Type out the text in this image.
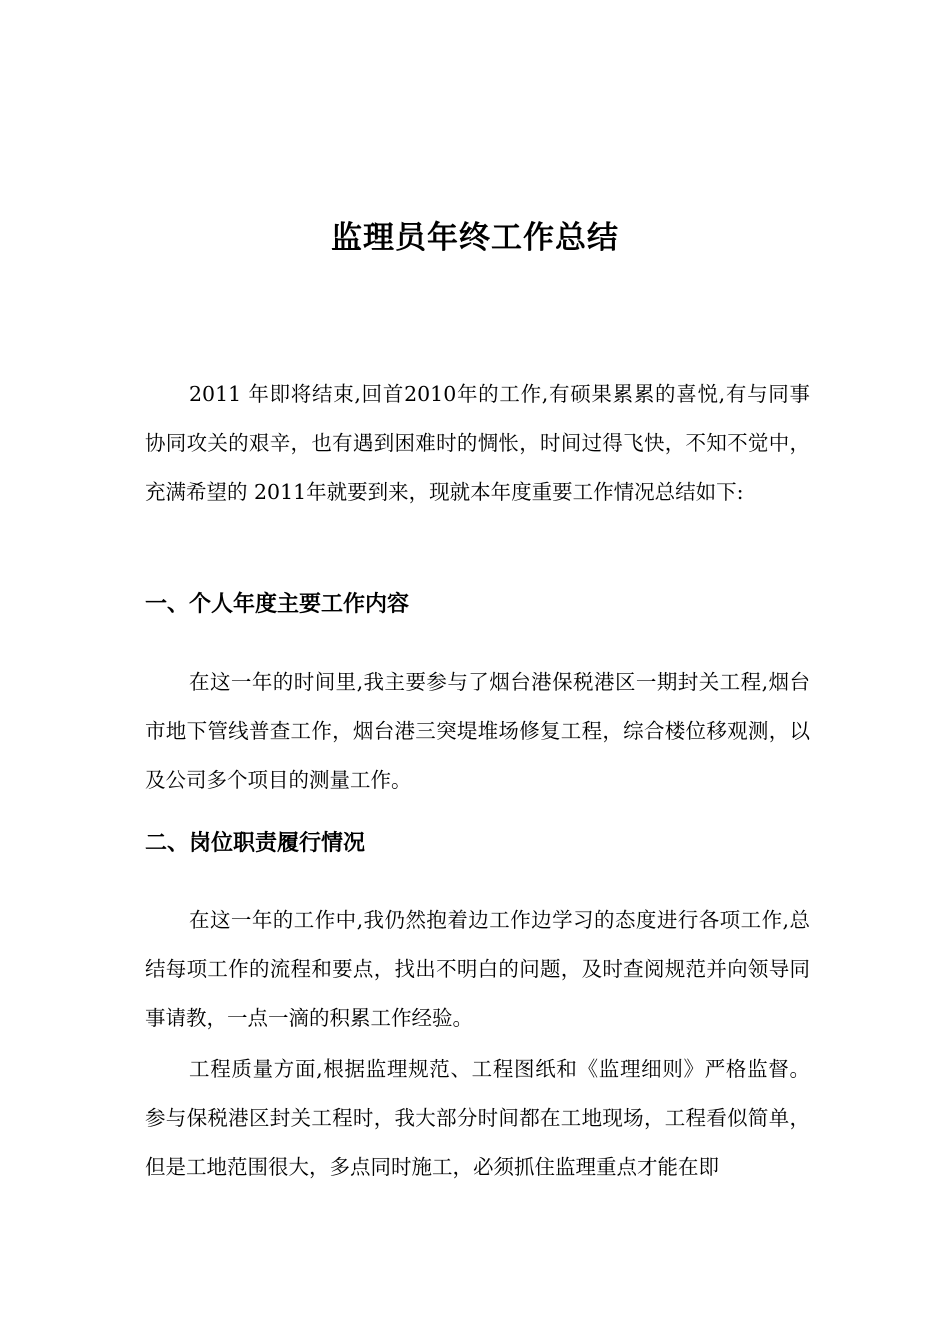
监理员年终工作总结

2011 年即将结束,回首2010年的工作,有硕果累累的喜悦,有与同事协同攻关的艰辛，也有遇到困难时的惆怅，时间过得飞快，不知不觉中，充满希望的 2011年就要到来，现就本年度重要工作情况总结如下:

一、个人年度主要工作内容

在这一年的时间里,我主要参与了烟台港保税港区一期封关工程,烟台市地下管线普查工作，烟台港三突堤堆场修复工程，综合楼位移观测，以及公司多个项目的测量工作。

二、岗位职责履行情况

在这一年的工作中,我仍然抱着边工作边学习的态度进行各项工作,总结每项工作的流程和要点，找出不明白的问题，及时查阅规范并向领导同事请教，一点一滴的积累工作经验。

工程质量方面,根据监理规范、工程图纸和《监理细则》严格监督。参与保税港区封关工程时，我大部分时间都在工地现场，工程看似简单，但是工地范围很大，多点同时施工，必须抓住监理重点才能在即
